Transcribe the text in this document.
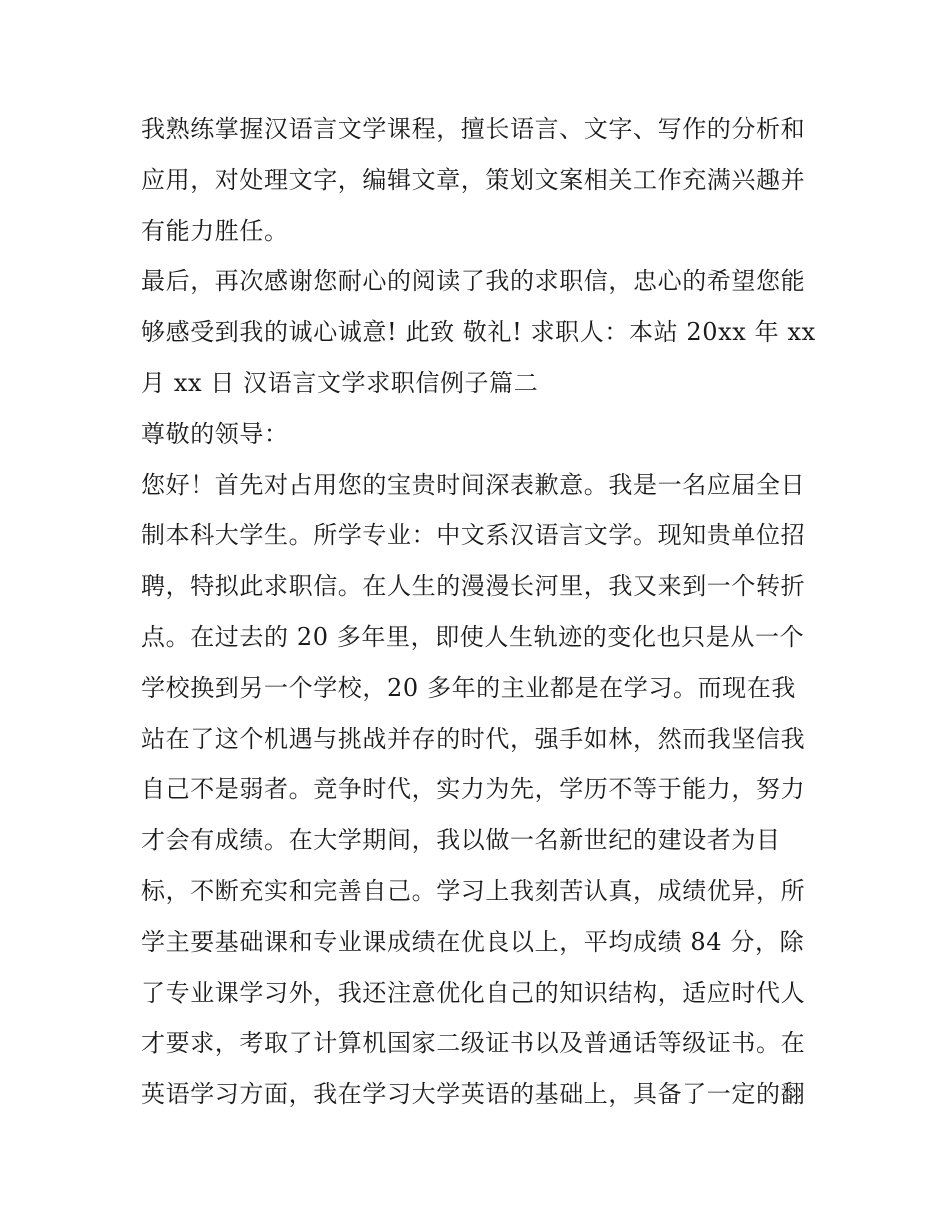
我熟练掌握汉语言文学课程，擅长语言、文字、写作的分析和
应用，对处理文字，编辑文章，策划文案相关工作充满兴趣并
有能力胜任。
最后，再次感谢您耐心的阅读了我的求职信，忠心的希望您能
够感受到我的诚心诚意! 此致 敬礼! 求职人：本站 20xx 年 xx
月 xx 日 汉语言文学求职信例子篇二
尊敬的领导：
您好！首先对占用您的宝贵时间深表歉意。我是一名应届全日
制本科大学生。所学专业：中文系汉语言文学。现知贵单位招
聘，特拟此求职信。在人生的漫漫长河里，我又来到一个转折
点。在过去的 20 多年里，即使人生轨迹的变化也只是从一个
学校换到另一个学校，20 多年的主业都是在学习。而现在我
站在了这个机遇与挑战并存的时代，强手如林，然而我坚信我
自己不是弱者。竞争时代，实力为先，学历不等于能力，努力
才会有成绩。在大学期间，我以做一名新世纪的建设者为目
标，不断充实和完善自己。学习上我刻苦认真，成绩优异，所
学主要基础课和专业课成绩在优良以上，平均成绩 84 分，除
了专业课学习外，我还注意优化自己的知识结构，适应时代人
才要求，考取了计算机国家二级证书以及普通话等级证书。在
英语学习方面，我在学习大学英语的基础上，具备了一定的翻
